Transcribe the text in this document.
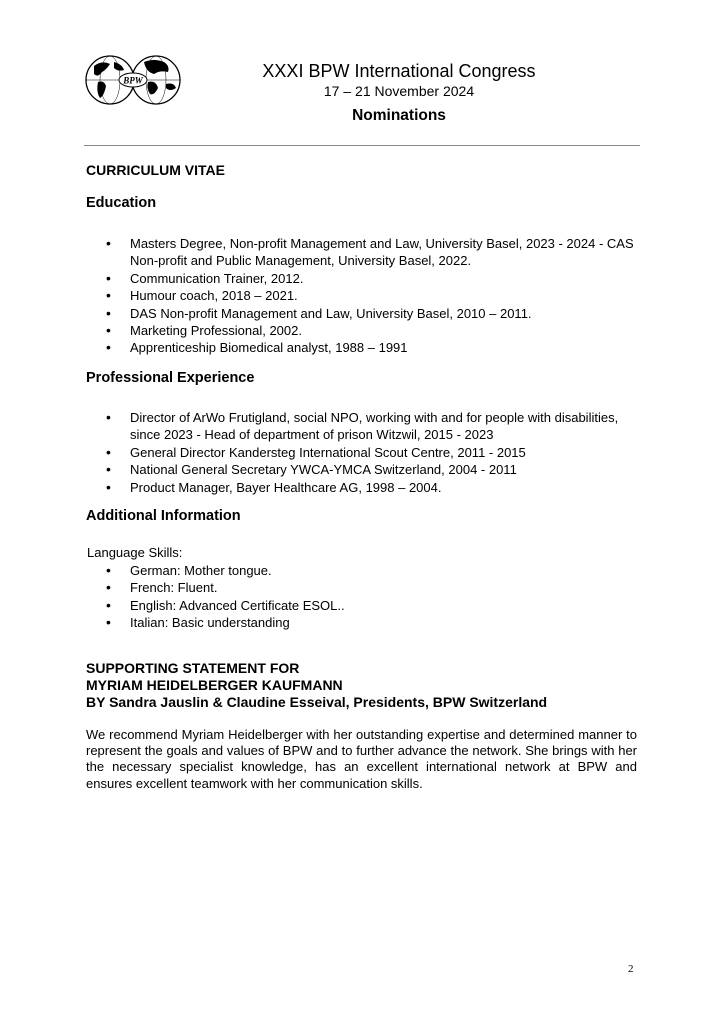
BPW	XXXI BPW International Congress
17 – 21 November 2024
Nominations
CURRICULUM VITAE
Education
• Masters Degree, Non-profit Management and Law, University Basel, 2023 - 2024 - CAS Non-profit and Public Management, University Basel, 2022.
• Communication Trainer, 2012.
• Humour coach, 2018 – 2021.
• DAS Non-profit Management and Law, University Basel, 2010 – 2011.
• Marketing Professional, 2002.
• Apprenticeship Biomedical analyst, 1988 – 1991
Professional Experience
• Director of ArWo Frutigland, social NPO, working with and for people with disabilities, since 2023 - Head of department of prison Witzwil, 2015 - 2023
• General Director Kandersteg International Scout Centre, 2011 - 2015
• National General Secretary YWCA-YMCA Switzerland, 2004 - 2011
• Product Manager, Bayer Healthcare AG, 1998 – 2004.
Additional Information
Language Skills:
• German: Mother tongue.
• French: Fluent.
• English: Advanced Certificate ESOL..
• Italian: Basic understanding
SUPPORTING STATEMENT FOR
MYRIAM HEIDELBERGER KAUFMANN
BY Sandra Jauslin & Claudine Esseival, Presidents, BPW Switzerland
We recommend Myriam Heidelberger with her outstanding expertise and determined manner to represent the goals and values of BPW and to further advance the network. She brings with her the necessary specialist knowledge, has an excellent international network at BPW and ensures excellent teamwork with her communication skills.
2
